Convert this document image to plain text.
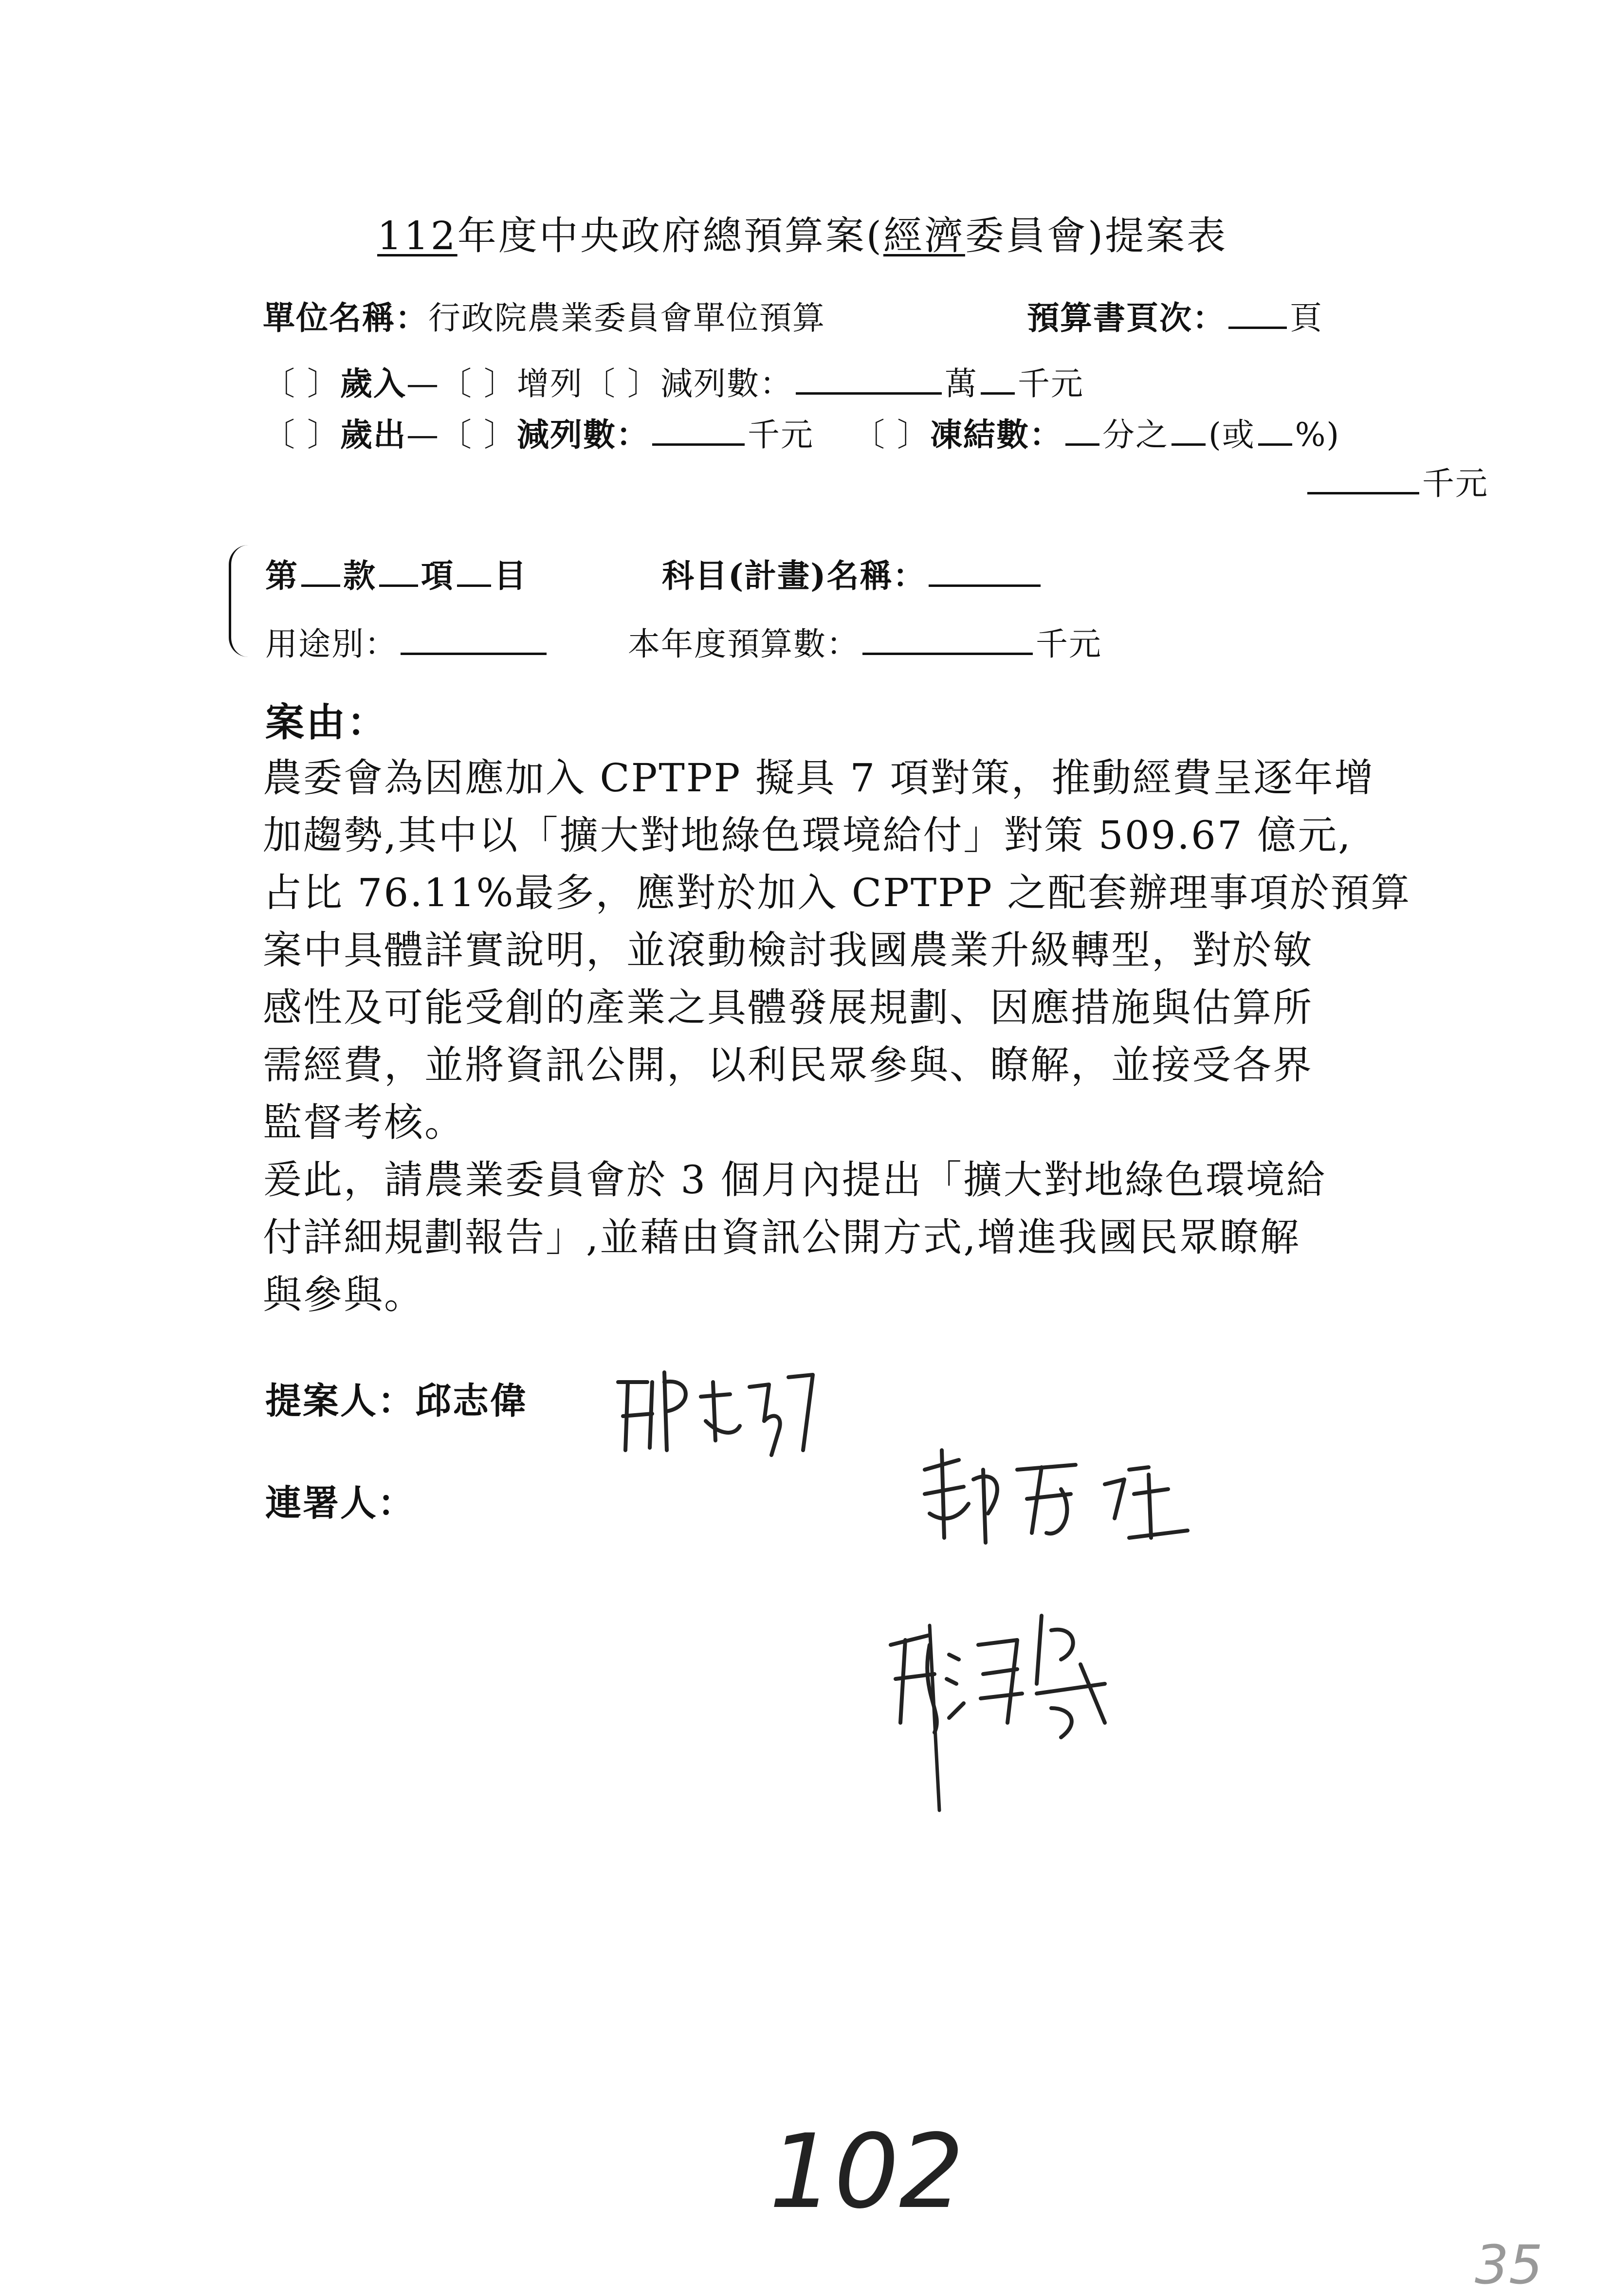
112年度中央政府總預算案(經濟委員會)提案表
單位名稱：行政院農業委員會單位預算	預算書頁次： 頁
〔 〕歲入—〔 〕增列〔 〕減列數：	萬 千元
〔 〕歲出—〔 〕減列數：	千元 〔 〕凍結數： 分之 (或 %)
千元
第 款 項 目	科目(計畫)名稱：
用途別：	本年度預算數：	千元
案由：

農委會為因應加入 CPTPP 擬具 7 項對策，推動經費呈逐年增

加趨勢,其中以「擴大對地綠色環境給付」對策 509.67 億元,

占比 76.11%最多，應對於加入 CPTPP 之配套辦理事項於預算

案中具體詳實說明，並滾動檢討我國農業升級轉型，對於敏

感性及可能受創的產業之具體發展規劃、因應措施與估算所

需經費，並將資訊公開，以利民眾參與、瞭解，並接受各界

監督考核。

爰此，請農業委員會於 3 個月內提出「擴大對地綠色環境給

付詳細規劃報告」,並藉由資訊公開方式,增進我國民眾瞭解

與參與。

提案人：邱志偉
連署人：
102
35
